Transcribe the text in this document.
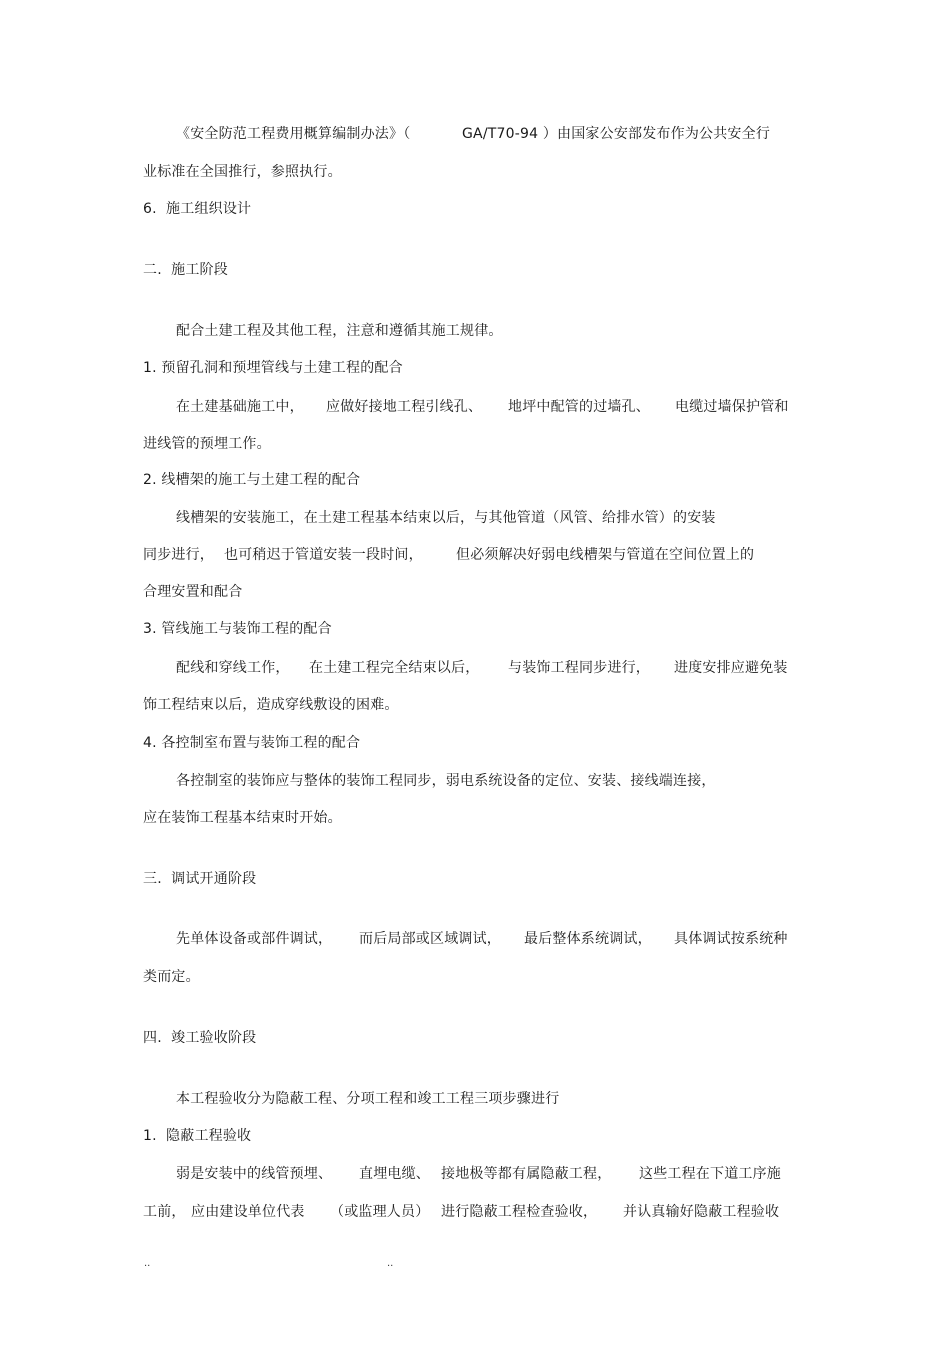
《安全防范工程费用概算编制办法》（

	GA/T70-94 ）由国家公安部发布作为公共安全行

业标准在全国推行，参照执行。
6.  施工组织设计
二.  施工阶段
配合土建工程及其他工程，注意和遵循其施工规律。
1. 预留孔洞和预埋管线与土建工程的配合

在土建基础施工中，

应做好接地工程引线孔、

地坪中配管的过墙孔、

电缆过墙保护管和

进线管的预埋工作。
2. 线槽架的施工与土建工程的配合
线槽架的安装施工，在土建工程基本结束以后，与其他管道（风管、给排水管）的安装

同步进行，

也可稍迟于管道安装一段时间，

但必须解决好弱电线槽架与管道在空间位置上的

合理安置和配合
3. 管线施工与装饰工程的配合

配线和穿线工作，

在土建工程完全结束以后，

与装饰工程同步进行，

进度安排应避免装

饰工程结束以后，造成穿线敷设的困难。
4. 各控制室布置与装饰工程的配合
各控制室的装饰应与整体的装饰工程同步，弱电系统设备的定位、安装、接线端连接，
应在装饰工程基本结束时开始。
三.  调试开通阶段

先单体设备或部件调试，

而后局部或区域调试，

最后整体系统调试，

具体调试按系统种

类而定。
四.  竣工验收阶段
本工程验收分为隐蔽工程、分项工程和竣工工程三项步骤进行
1.  隐蔽工程验收

弱是安装中的线管预埋、

直埋电缆、

接地极等都有属隐蔽工程，

这些工程在下道工序施

工前，

应由建设单位代表

（或监理人员）

进行隐蔽工程检查验收，

并认真输好隐蔽工程验收

..	..
